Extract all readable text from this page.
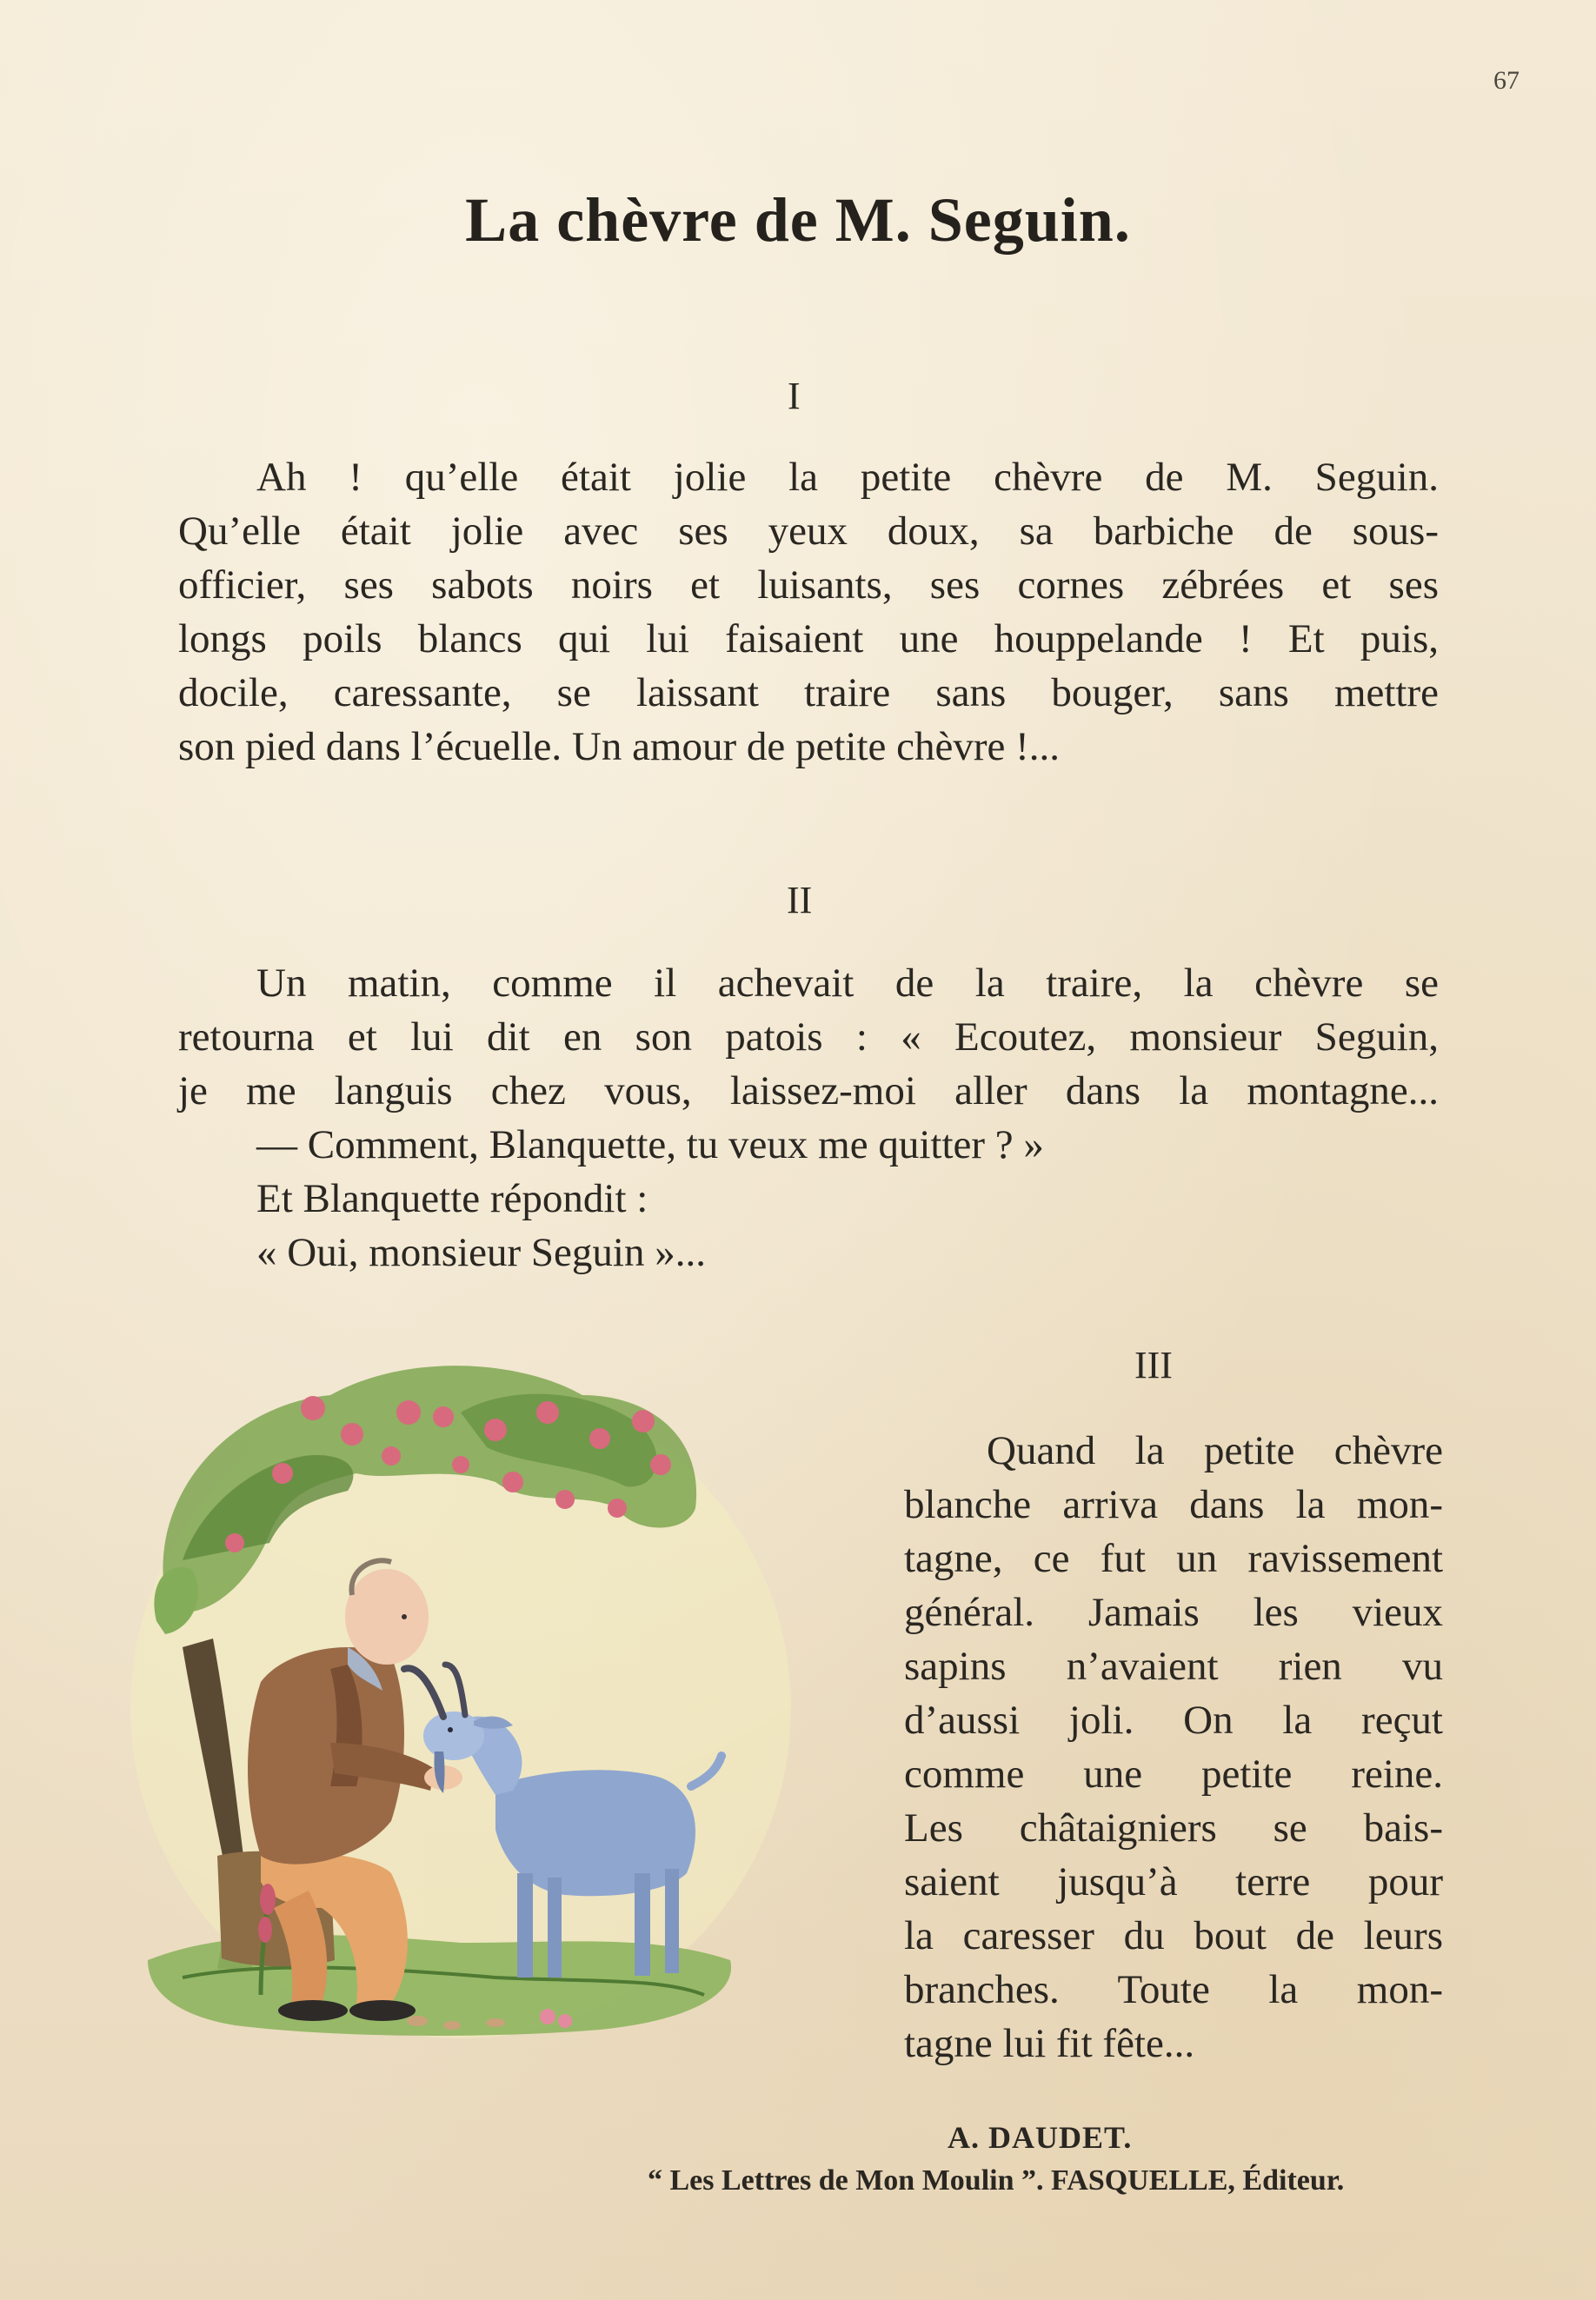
67
La chèvre de M. Seguin.
I
Ah ! qu’elle était jolie la petite chèvre de M. Seguin.
Qu’elle était jolie avec ses yeux doux, sa barbiche de sous-
officier, ses sabots noirs et luisants, ses cornes zébrées et ses
longs poils blancs qui lui faisaient une houppelande ! Et puis,
docile, caressante, se laissant traire sans bouger, sans mettre
son pied dans l’écuelle. Un amour de petite chèvre !...
II
Un matin, comme il achevait de la traire, la chèvre se
retourna et lui dit en son patois : « Ecoutez, monsieur Seguin,
je me languis chez vous, laissez-moi aller dans la montagne...
— Comment, Blanquette, tu veux me quitter ? »
Et Blanquette répondit :
« Oui, monsieur Seguin »...
III
Quand la petite chèvre
blanche arriva dans la mon-
tagne, ce fut un ravissement
général. Jamais les vieux
sapins n’avaient rien vu
d’aussi joli. On la reçut
comme une petite reine.
Les châtaigniers se bais-
saient jusqu’à terre pour
la caresser du bout de leurs
branches. Toute la mon-
tagne lui fit fête...
A. DAUDET.
“ Les Lettres de Mon Moulin ”. FASQUELLE, Éditeur.
